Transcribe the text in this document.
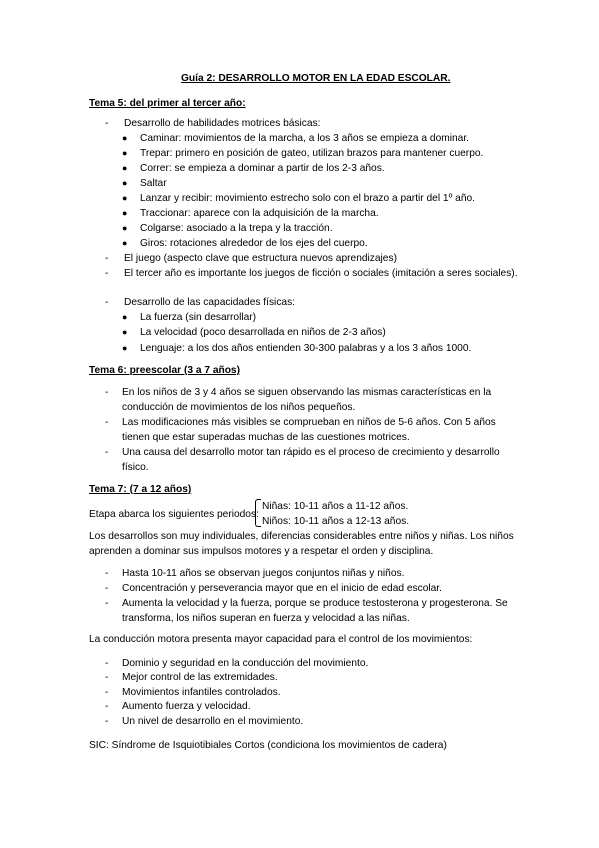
Guía 2: DESARROLLO MOTOR EN LA EDAD ESCOLAR.
Tema 5: del primer al tercer año:
- Desarrollo de habilidades motrices básicas:
● Caminar: movimientos de la marcha, a los 3 años se empieza a dominar.
● Trepar: primero en posición de gateo, utilizan brazos para mantener cuerpo.
● Correr: se empieza a dominar a partir de los 2-3 años.
● Saltar
● Lanzar y recibir: movimiento estrecho solo con el brazo a partir del 1º año.
● Traccionar: aparece con la adquisición de la marcha.
● Colgarse: asociado a la trepa y la tracción.
● Giros: rotaciones alrededor de los ejes del cuerpo.
- El juego (aspecto clave que estructura nuevos aprendizajes)
- El tercer año es importante los juegos de ficción o sociales (imitación a seres sociales).
- Desarrollo de las capacidades físicas:
● La fuerza (sin desarrollar)
● La velocidad (poco desarrollada en niños de 2-3 años)
● Lenguaje: a los dos años entienden 30-300 palabras y a los 3 años 1000.
Tema 6: preescolar (3 a 7 años)
- En los niños de 3 y 4 años se siguen observando las mismas características en la conducción de movimientos de los niños pequeños.
- Las modificaciones más visibles se comprueban en niños de 5-6 años. Con 5 años tienen que estar superadas muchas de las cuestiones motrices.
- Una causa del desarrollo motor tan rápido es el proceso de crecimiento y desarrollo físico.
Tema 7: (7 a 12 años)
Etapa abarca los siguientes periodos:
Niñas: 10-11 años a 11-12 años.
Niños: 10-11 años a 12-13 años.
Los desarrollos son muy individuales, diferencias considerables entre niños y niñas. Los niños aprenden a dominar sus impulsos motores y a respetar el orden y disciplina.
- Hasta 10-11 años se observan juegos conjuntos niñas y niños.
- Concentración y perseverancia mayor que en el inicio de edad escolar.
- Aumenta la velocidad y la fuerza, porque se produce testosterona y progesterona. Se transforma, los niños superan en fuerza y velocidad a las niñas.
La conducción motora presenta mayor capacidad para el control de los movimientos:
- Dominio y seguridad en la conducción del movimiento.
- Mejor control de las extremidades.
- Movimientos infantiles controlados.
- Aumento fuerza y velocidad.
- Un nivel de desarrollo en el movimiento.
SIC: Síndrome de Isquiotibiales Cortos (condiciona los movimientos de cadera)
